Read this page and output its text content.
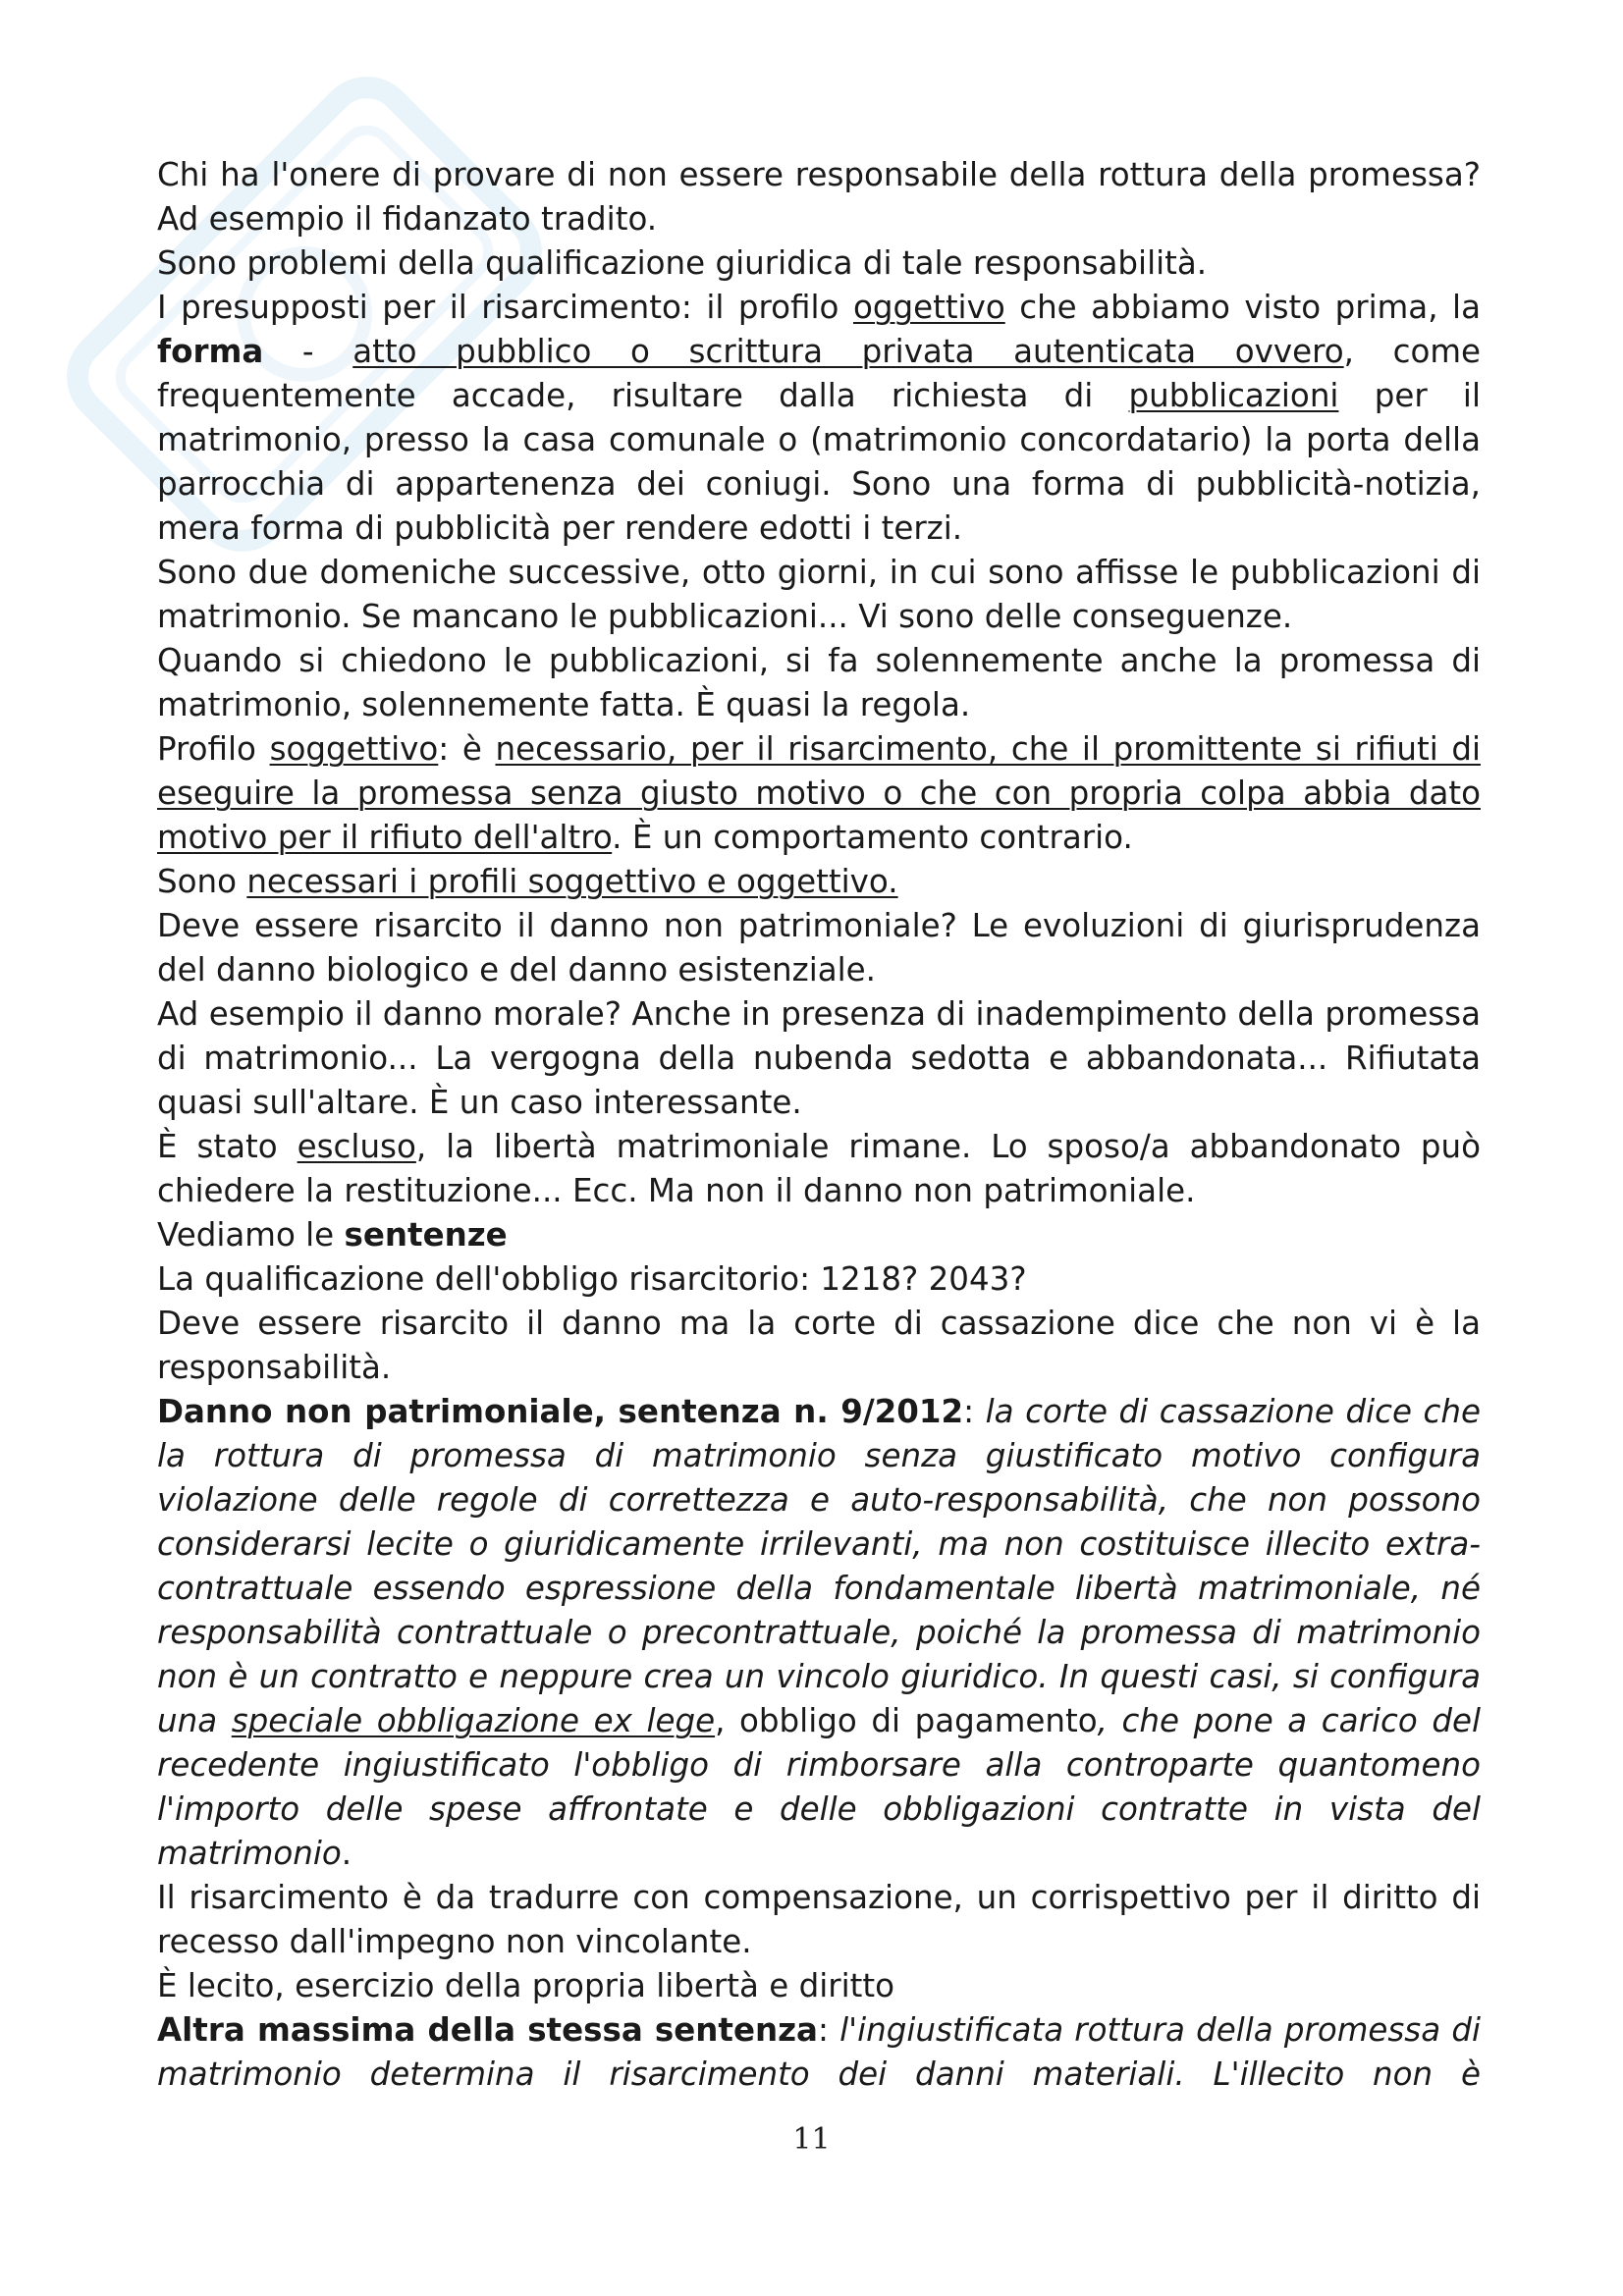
Chi ha l'onere di provare di non essere responsabile della rottura della promessa? Ad esempio il fidanzato tradito.

Sono problemi della qualificazione giuridica di tale responsabilità.

I presupposti per il risarcimento: il profilo oggettivo che abbiamo visto prima, la forma - atto pubblico o scrittura privata autenticata ovvero, come frequentemente accade, risultare dalla richiesta di pubblicazioni per il matrimonio, presso la casa comunale o (matrimonio concordatario) la porta della parrocchia di appartenenza dei coniugi. Sono una forma di pubblicità-notizia, mera forma di pubblicità per rendere edotti i terzi.

Sono due domeniche successive, otto giorni, in cui sono affisse le pubblicazioni di matrimonio. Se mancano le pubblicazioni... Vi sono delle conseguenze.

Quando si chiedono le pubblicazioni, si fa solennemente anche la promessa di matrimonio, solennemente fatta. È quasi la regola.

Profilo soggettivo: è necessario, per il risarcimento, che il promittente si rifiuti di eseguire la promessa senza giusto motivo o che con propria colpa abbia dato motivo per il rifiuto dell'altro. È un comportamento contrario.

Sono necessari i profili soggettivo e oggettivo.

Deve essere risarcito il danno non patrimoniale? Le evoluzioni di giurisprudenza del danno biologico e del danno esistenziale.

Ad esempio il danno morale? Anche in presenza di inadempimento della promessa di matrimonio... La vergogna della nubenda sedotta e abbandonata... Rifiutata quasi sull'altare. È un caso interessante.

È stato escluso, la libertà matrimoniale rimane. Lo sposo/a abbandonato può chiedere la restituzione... Ecc. Ma non il danno non patrimoniale.

Vediamo le sentenze

La qualificazione dell'obbligo risarcitorio: 1218? 2043?

Deve essere risarcito il danno ma la corte di cassazione dice che non vi è la responsabilità.

Danno non patrimoniale, sentenza n. 9/2012: la corte di cassazione dice che la rottura di promessa di matrimonio senza giustificato motivo configura violazione delle regole di correttezza e auto-responsabilità, che non possono considerarsi lecite o giuridicamente irrilevanti, ma non costituisce illecito extra-contrattuale essendo espressione della fondamentale libertà matrimoniale, né responsabilità contrattuale o precontrattuale, poiché la promessa di matrimonio non è un contratto e neppure crea un vincolo giuridico. In questi casi, si configura una speciale obbligazione ex lege, obbligo di pagamento, che pone a carico del recedente ingiustificato l'obbligo di rimborsare alla controparte quantomeno l'importo delle spese affrontate e delle obbligazioni contratte in vista del matrimonio.

Il risarcimento è da tradurre con compensazione, un corrispettivo per il diritto di recesso dall'impegno non vincolante.

È lecito, esercizio della propria libertà e diritto

Altra massima della stessa sentenza: l'ingiustificata rottura della promessa di matrimonio determina il risarcimento dei danni materiali. L'illecito non è

11
